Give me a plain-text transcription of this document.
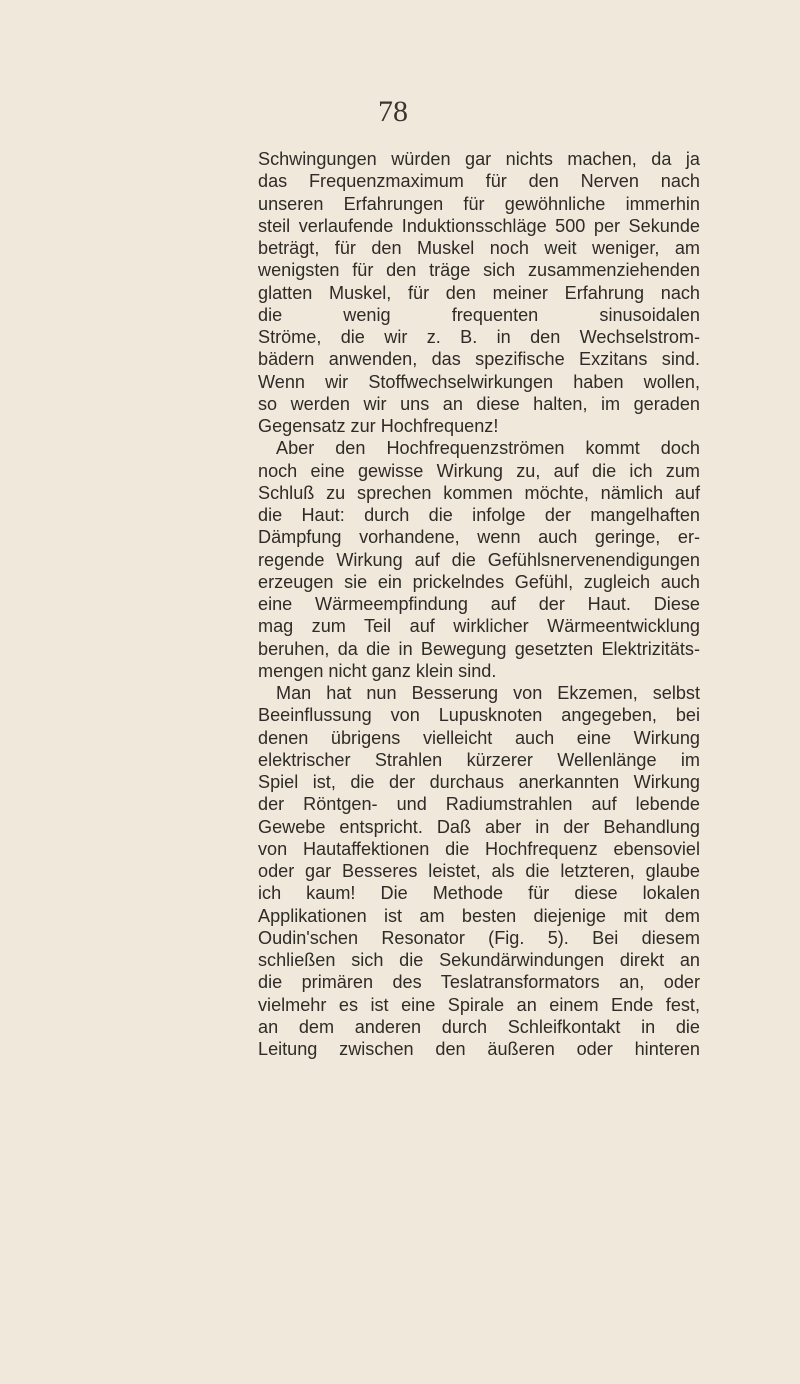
78
Schwingungen würden gar nichts machen, da ja
das Frequenzmaximum für den Nerven nach
unseren Erfahrungen für gewöhnliche immerhin
steil verlaufende Induktionsschläge 500 per Sekunde
beträgt, für den Muskel noch weit weniger, am
wenigsten für den träge sich zusammenziehenden
glatten Muskel, für den meiner Erfahrung nach
die wenig frequenten sinusoidalen
Ströme, die wir z. B. in den Wechselstrom-
bädern anwenden, das spezifische Exzitans sind.
Wenn wir Stoffwechselwirkungen haben wollen,
so werden wir uns an diese halten, im geraden
Gegensatz zur Hochfrequenz!
Aber den Hochfrequenzströmen kommt doch
noch eine gewisse Wirkung zu, auf die ich zum
Schluß zu sprechen kommen möchte, nämlich auf
die Haut: durch die infolge der mangelhaften
Dämpfung vorhandene, wenn auch geringe, er-
regende Wirkung auf die Gefühlsnervenendigungen
erzeugen sie ein prickelndes Gefühl, zugleich auch
eine Wärmeempfindung auf der Haut. Diese
mag zum Teil auf wirklicher Wärmeentwicklung
beruhen, da die in Bewegung gesetzten Elektrizitäts-
mengen nicht ganz klein sind.
Man hat nun Besserung von Ekzemen, selbst
Beeinflussung von Lupusknoten angegeben, bei
denen übrigens vielleicht auch eine Wirkung
elektrischer Strahlen kürzerer Wellenlänge im
Spiel ist, die der durchaus anerkannten Wirkung
der Röntgen- und Radiumstrahlen auf lebende
Gewebe entspricht. Daß aber in der Behandlung
von Hautaffektionen die Hochfrequenz ebensoviel
oder gar Besseres leistet, als die letzteren, glaube
ich kaum! Die Methode für diese lokalen
Applikationen ist am besten diejenige mit dem
Oudin'schen Resonator (Fig. 5). Bei diesem
schließen sich die Sekundärwindungen direkt an
die primären des Teslatransformators an, oder
vielmehr es ist eine Spirale an einem Ende fest,
an dem anderen durch Schleifkontakt in die
Leitung zwischen den äußeren oder hinteren
